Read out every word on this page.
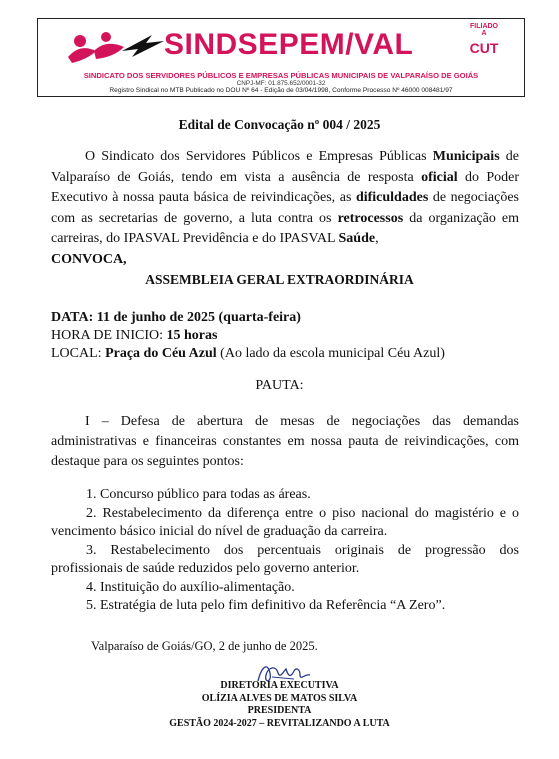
SINDSEPEM/VAL
FILIADO
A
CUT
SINDICATO DOS SERVIDORES PÚBLICOS E EMPRESAS PÚBLICAS MUNICIPAIS DE VALPARAÍSO DE GOIÁS
CNPJ-MF: 01.875.652/0001-32
Registro Sindical no MTB Publicado no DOU Nº 64 - Edição de 03/04/1998, Conforme Processo Nº 46000 008481/97
Edital de Convocação nº 004 / 2025
O Sindicato dos Servidores Públicos e Empresas Públicas Municipais de Valparaíso de Goiás, tendo em vista a ausência de resposta oficial do Poder Executivo à nossa pauta básica de reivindicações, as dificuldades de negociações com as secretarias de governo, a luta contra os retrocessos da organização em carreiras, do IPASVAL Previdência e do IPASVAL Saúde,
CONVOCA,
ASSEMBLEIA GERAL EXTRAORDINÁRIA
DATA: 11 de junho de 2025 (quarta-feira)
HORA DE INICIO: 15 horas
LOCAL: Praça do Céu Azul (Ao lado da escola municipal Céu Azul)
PAUTA:
I – Defesa de abertura de mesas de negociações das demandas administrativas e financeiras constantes em nossa pauta de reivindicações, com destaque para os seguintes pontos:
1. Concurso público para todas as áreas.
2. Restabelecimento da diferença entre o piso nacional do magistério e o vencimento básico inicial do nível de graduação da carreira.
3. Restabelecimento dos percentuais originais de progressão dos profissionais de saúde reduzidos pelo governo anterior.
4. Instituição do auxílio-alimentação.
5. Estratégia de luta pelo fim definitivo da Referência “A Zero”.
Valparaíso de Goiás/GO, 2 de junho de 2025.
DIRETORIA EXECUTIVA
OLÍZIA ALVES DE MATOS SILVA
PRESIDENTA
GESTÃO 2024-2027 – REVITALIZANDO A LUTA
